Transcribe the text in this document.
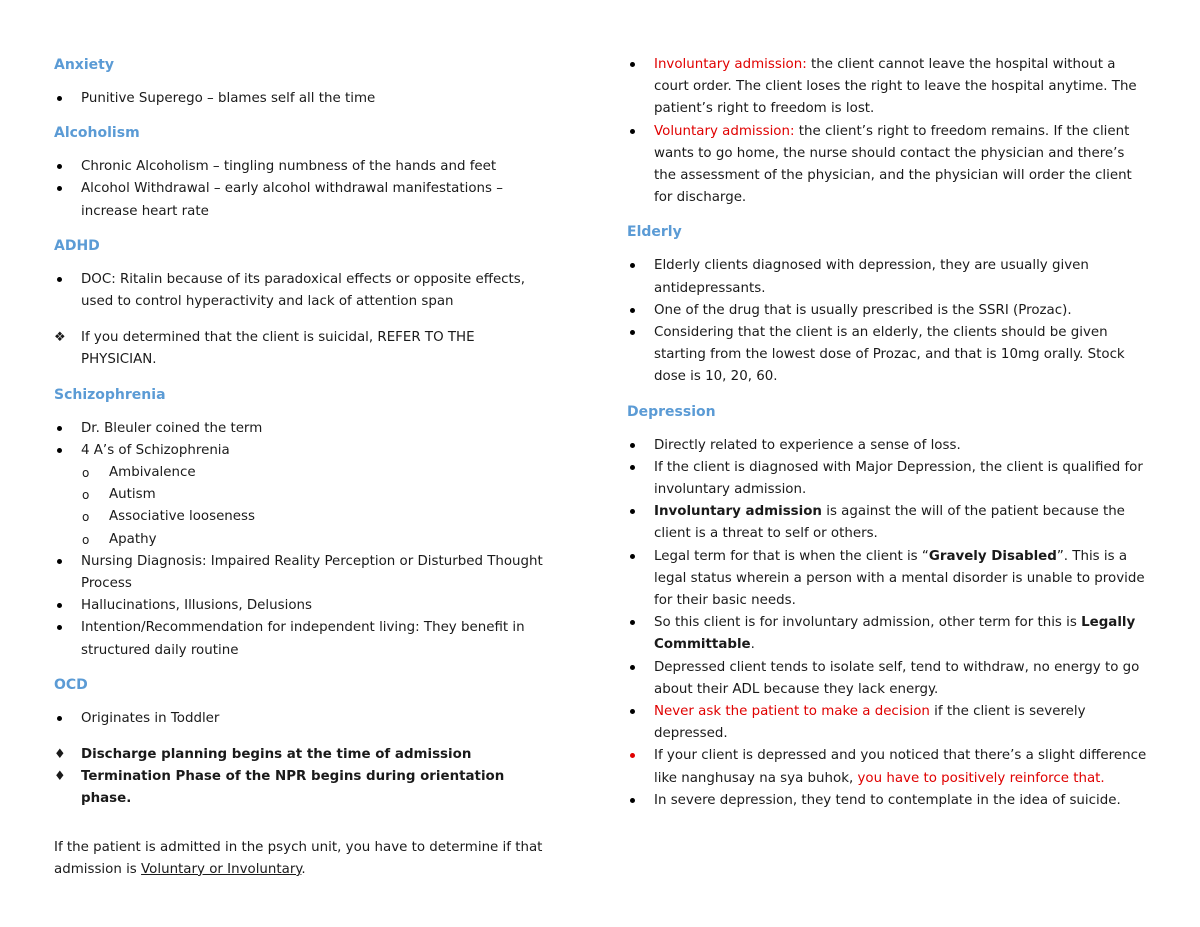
Anxiety
Punitive Superego – blames self all the time
Alcoholism
Chronic Alcoholism – tingling numbness of the hands and feet
Alcohol Withdrawal – early alcohol withdrawal manifestations – increase heart rate
ADHD
DOC: Ritalin because of its paradoxical effects or opposite effects, used to control hyperactivity and lack of attention span
❖ If you determined that the client is suicidal, REFER TO THE PHYSICIAN.
Schizophrenia
Dr. Bleuler coined the term
4 A’s of Schizophrenia
o Ambivalence
o Autism
o Associative looseness
o Apathy
Nursing Diagnosis: Impaired Reality Perception or Disturbed Thought Process
Hallucinations, Illusions, Delusions
Intention/Recommendation for independent living: They benefit in structured daily routine
OCD
Originates in Toddler
♦ Discharge planning begins at the time of admission
♦ Termination Phase of the NPR begins during orientation phase.

If the patient is admitted in the psych unit, you have to determine if that admission is Voluntary or Involuntary.

Involuntary admission: the client cannot leave the hospital without a court order. The client loses the right to leave the hospital anytime. The patient’s right to freedom is lost.
Voluntary admission: the client’s right to freedom remains. If the client wants to go home, the nurse should contact the physician and there’s the assessment of the physician, and the physician will order the client for discharge.
Elderly
Elderly clients diagnosed with depression, they are usually given antidepressants.
One of the drug that is usually prescribed is the SSRI (Prozac).
Considering that the client is an elderly, the clients should be given starting from the lowest dose of Prozac, and that is 10mg orally. Stock dose is 10, 20, 60.
Depression
Directly related to experience a sense of loss.
If the client is diagnosed with Major Depression, the client is qualified for involuntary admission.
Involuntary admission is against the will of the patient because the client is a threat to self or others.
Legal term for that is when the client is “Gravely Disabled”. This is a legal status wherein a person with a mental disorder is unable to provide for their basic needs.
So this client is for involuntary admission, other term for this is Legally Committable.
Depressed client tends to isolate self, tend to withdraw, no energy to go about their ADL because they lack energy.
Never ask the patient to make a decision if the client is severely depressed.
If your client is depressed and you noticed that there’s a slight difference like nanghusay na sya buhok, you have to positively reinforce that.
In severe depression, they tend to contemplate in the idea of suicide.
